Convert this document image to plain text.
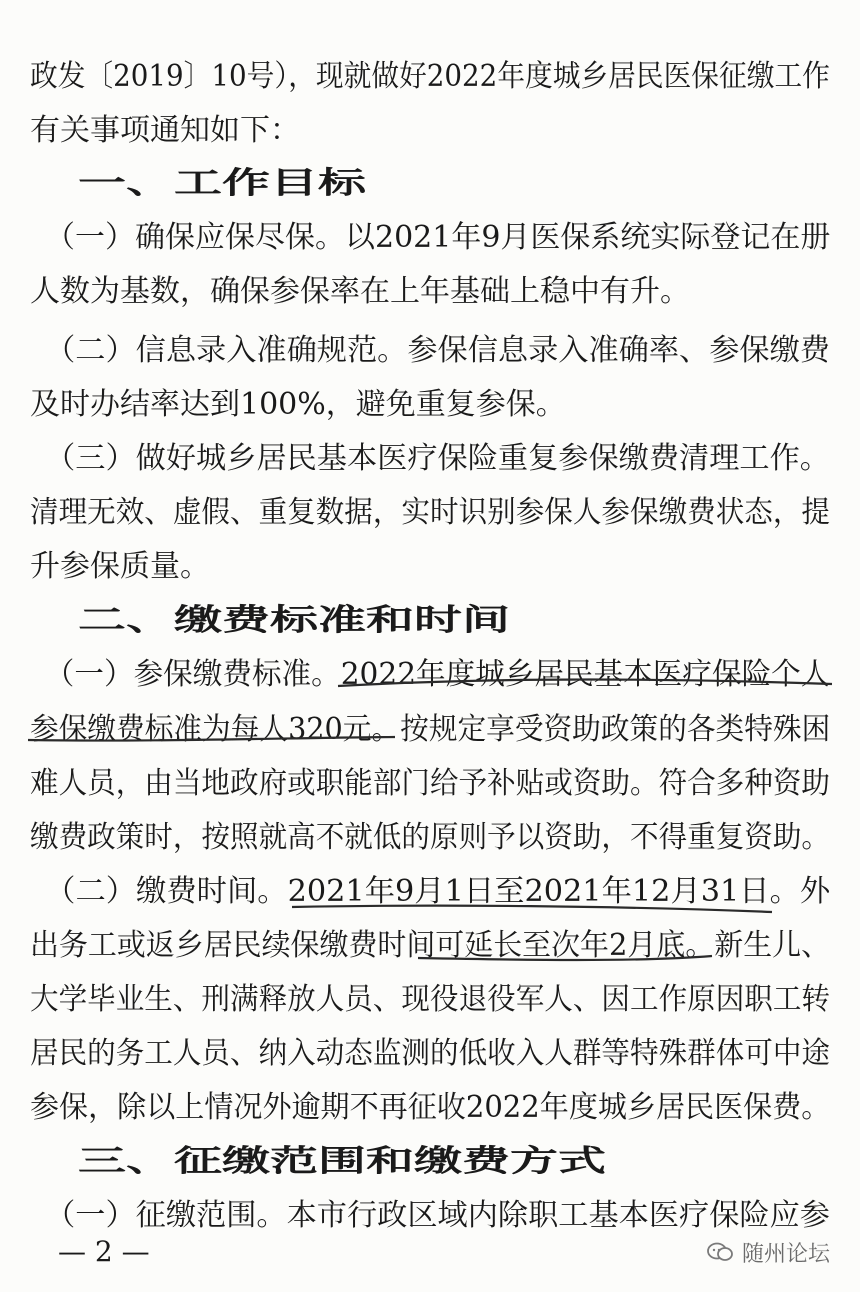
政发〔2019〕10号），现就做好2022年度城乡居民医保征缴工作
有关事项通知如下：
　一、工作目标
　（一）确保应保尽保。以2021年9月医保系统实际登记在册
人数为基数，确保参保率在上年基础上稳中有升。
　（二）信息录入准确规范。参保信息录入准确率、参保缴费
及时办结率达到100%，避免重复参保。
　（三）做好城乡居民基本医疗保险重复参保缴费清理工作。
清理无效、虚假、重复数据，实时识别参保人参保缴费状态，提
升参保质量。
　二、缴费标准和时间
　（一）参保缴费标准。2022年度城乡居民基本医疗保险个人
参保缴费标准为每人320元。按规定享受资助政策的各类特殊困
难人员，由当地政府或职能部门给予补贴或资助。符合多种资助
缴费政策时，按照就高不就低的原则予以资助，不得重复资助。
　（二）缴费时间。2021年9月1日至2021年12月31日。外
出务工或返乡居民续保缴费时间可延长至次年2月底。新生儿、
大学毕业生、刑满释放人员、现役退役军人、因工作原因职工转
居民的务工人员、纳入动态监测的低收入人群等特殊群体可中途
参保，除以上情况外逾期不再征收2022年度城乡居民医保费。
　三、征缴范围和缴费方式
　（一）征缴范围。本市行政区域内除职工基本医疗保险应参
— 2 —	随州论坛
